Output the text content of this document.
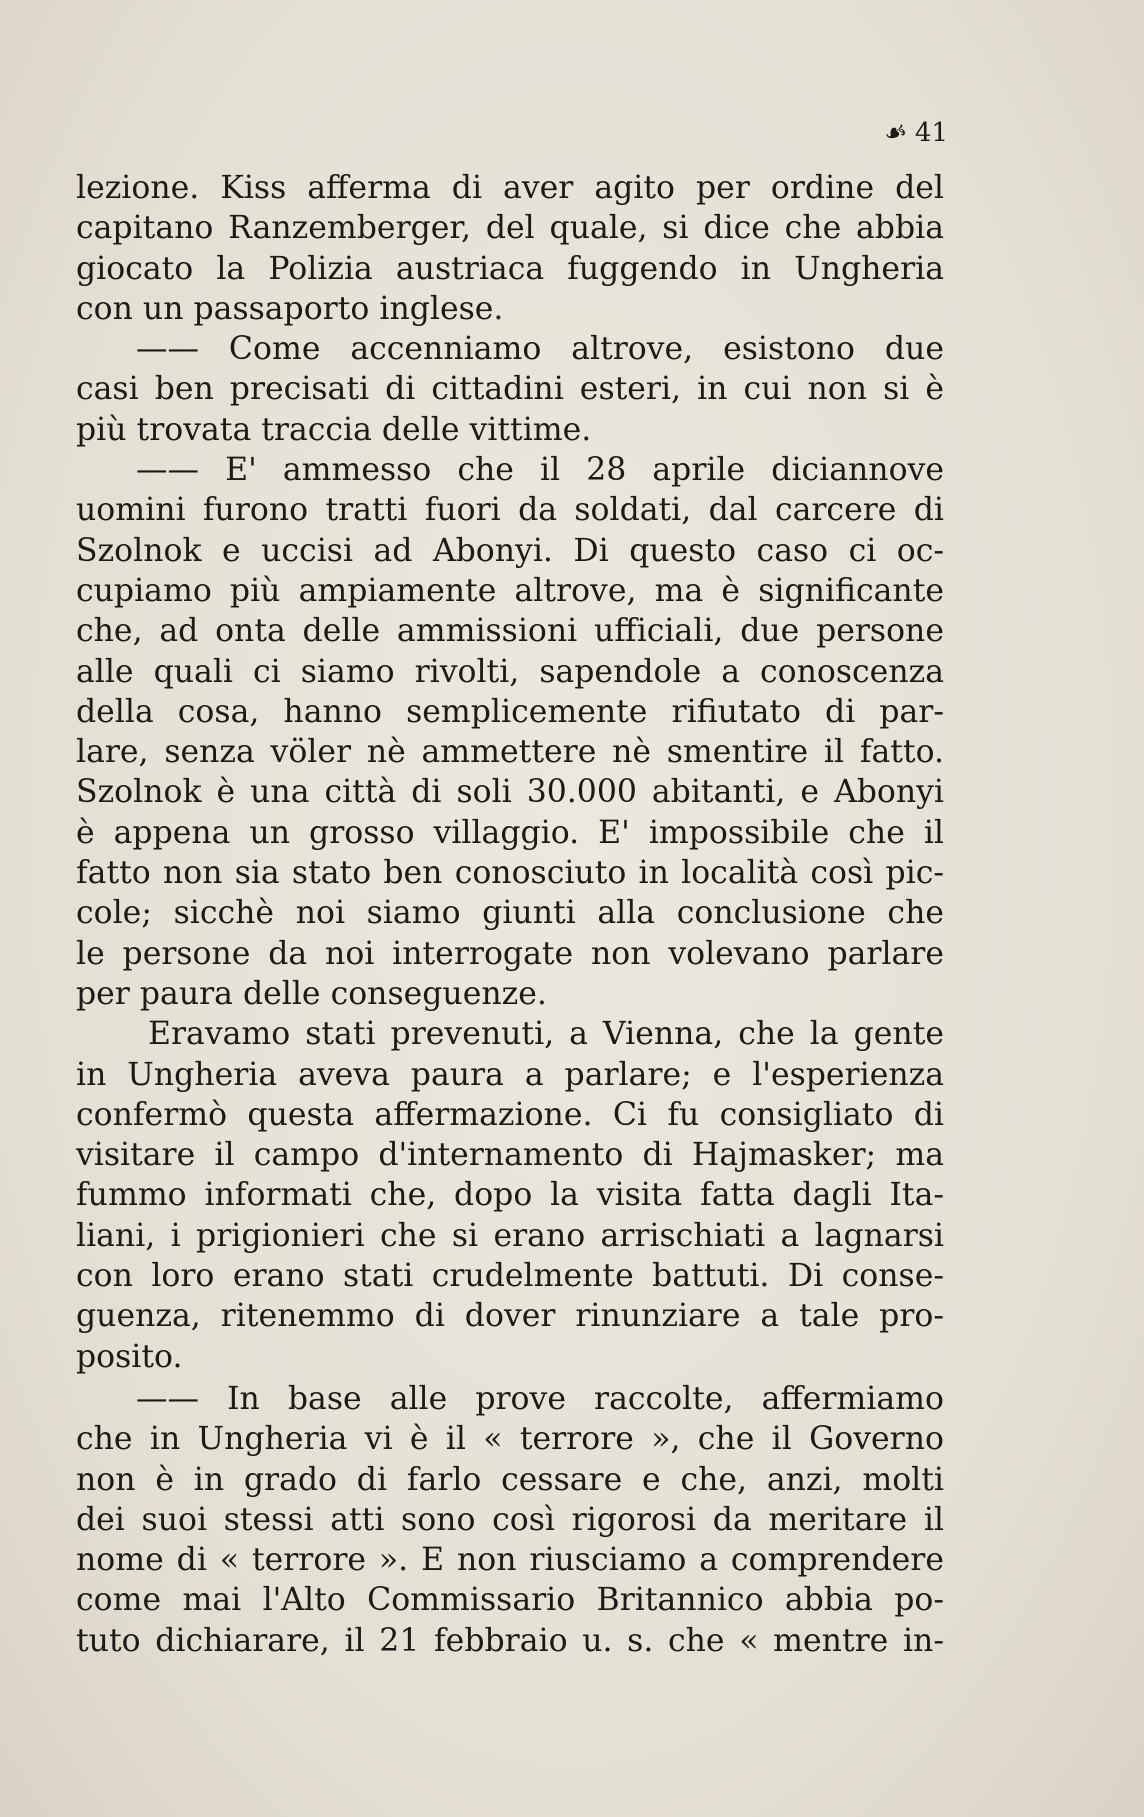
☙ 41
lezione. Kiss afferma di aver agito per ordine del
capitano Ranzemberger, del quale, si dice che abbia
giocato la Polizia austriaca fuggendo in Ungheria
con un passaporto inglese.
—— Come accenniamo altrove, esistono due
casi ben precisati di cittadini esteri, in cui non si è
più trovata traccia delle vittime.
—— E' ammesso che il 28 aprile diciannove
uomini furono tratti fuori da soldati, dal carcere di
Szolnok e uccisi ad Abonyi. Di questo caso ci oc-
cupiamo più ampiamente altrove, ma è significante
che, ad onta delle ammissioni ufficiali, due persone
alle quali ci siamo rivolti, sapendole a conoscenza
della cosa, hanno semplicemente rifiutato di par-
lare, senza völer nè ammettere nè smentire il fatto.
Szolnok è una città di soli 30.000 abitanti, e Abonyi
è appena un grosso villaggio. E' impossibile che il
fatto non sia stato ben conosciuto in località così pic-
cole; sicchè noi siamo giunti alla conclusione che
le persone da noi interrogate non volevano parlare
per paura delle conseguenze.
Eravamo stati prevenuti, a Vienna, che la gente
in Ungheria aveva paura a parlare; e l'esperienza
confermò questa affermazione. Ci fu consigliato di
visitare il campo d'internamento di Hajmasker; ma
fummo informati che, dopo la visita fatta dagli Ita-
liani, i prigionieri che si erano arrischiati a lagnarsi
con loro erano stati crudelmente battuti. Di conse-
guenza, ritenemmo di dover rinunziare a tale pro-
posito.
—— In base alle prove raccolte, affermiamo
che in Ungheria vi è il « terrore », che il Governo
non è in grado di farlo cessare e che, anzi, molti
dei suoi stessi atti sono così rigorosi da meritare il
nome di « terrore ». E non riusciamo a comprendere
come mai l'Alto Commissario Britannico abbia po-
tuto dichiarare, il 21 febbraio u. s. che « mentre in-
